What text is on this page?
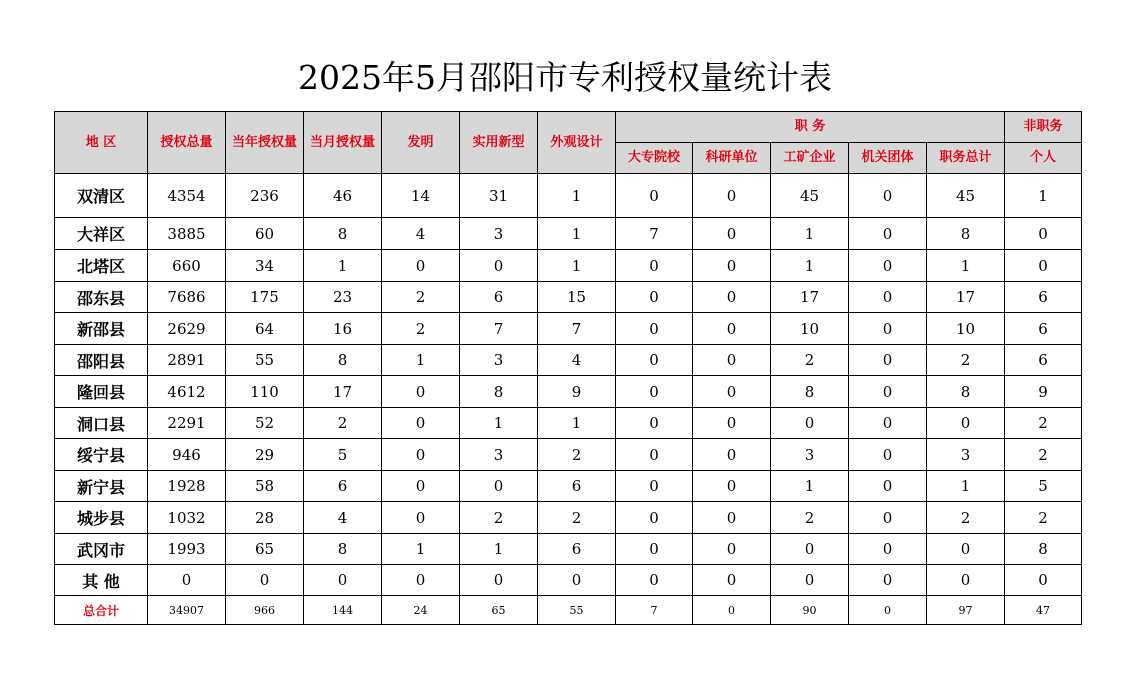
2025年5月邵阳市专利授权量统计表
地 区	授权总量	当年授权量	当月授权量	发明	实用新型	外观设计	职 务					非职务
							大专院校	科研单位	工矿企业	机关团体	职务总计	个人
双清区	4354	236	46	14	31	1	0	0	45	0	45	1
大祥区	3885	60	8	4	3	1	7	0	1	0	8	0
北塔区	660	34	1	0	0	1	0	0	1	0	1	0
邵东县	7686	175	23	2	6	15	0	0	17	0	17	6
新邵县	2629	64	16	2	7	7	0	0	10	0	10	6
邵阳县	2891	55	8	1	3	4	0	0	2	0	2	6
隆回县	4612	110	17	0	8	9	0	0	8	0	8	9
洞口县	2291	52	2	0	1	1	0	0	0	0	0	2
绥宁县	946	29	5	0	3	2	0	0	3	0	3	2
新宁县	1928	58	6	0	0	6	0	0	1	0	1	5
城步县	1032	28	4	0	2	2	0	0	2	0	2	2
武冈市	1993	65	8	1	1	6	0	0	0	0	0	8
其 他	0	0	0	0	0	0	0	0	0	0	0	0
总合计	34907	966	144	24	65	55	7	0	90	0	97	47
